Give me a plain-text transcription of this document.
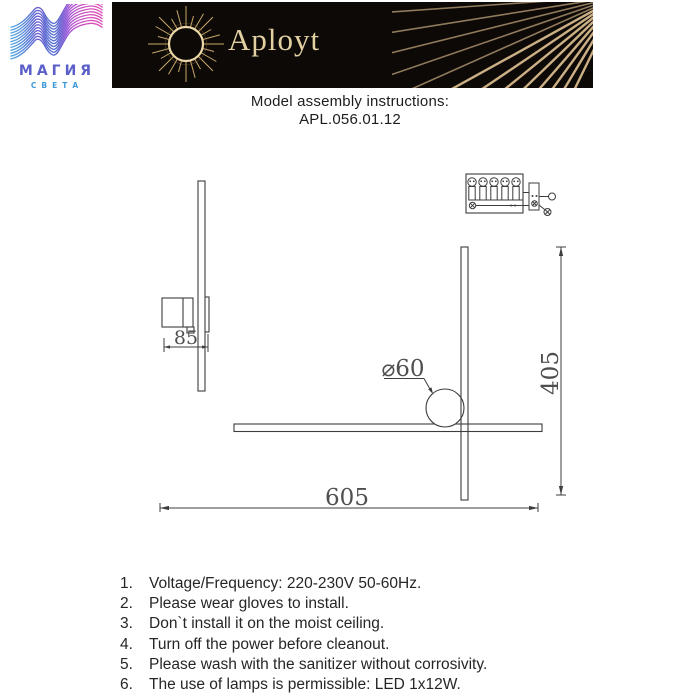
МАГИЯ
СВЕТА
Aployt
Model assembly instructions:
APL.056.01.12
85
⌀60
605
405
1.	Voltage/Frequency: 220-230V 50-60Hz.
2.	Please wear gloves to install.
3.	Don`t install it on the moist ceiling.
4.	Turn off the power before cleanout.
5.	Please wash with the sanitizer without corrosivity.
6.	The use of lamps is permissible: LED 1x12W.
